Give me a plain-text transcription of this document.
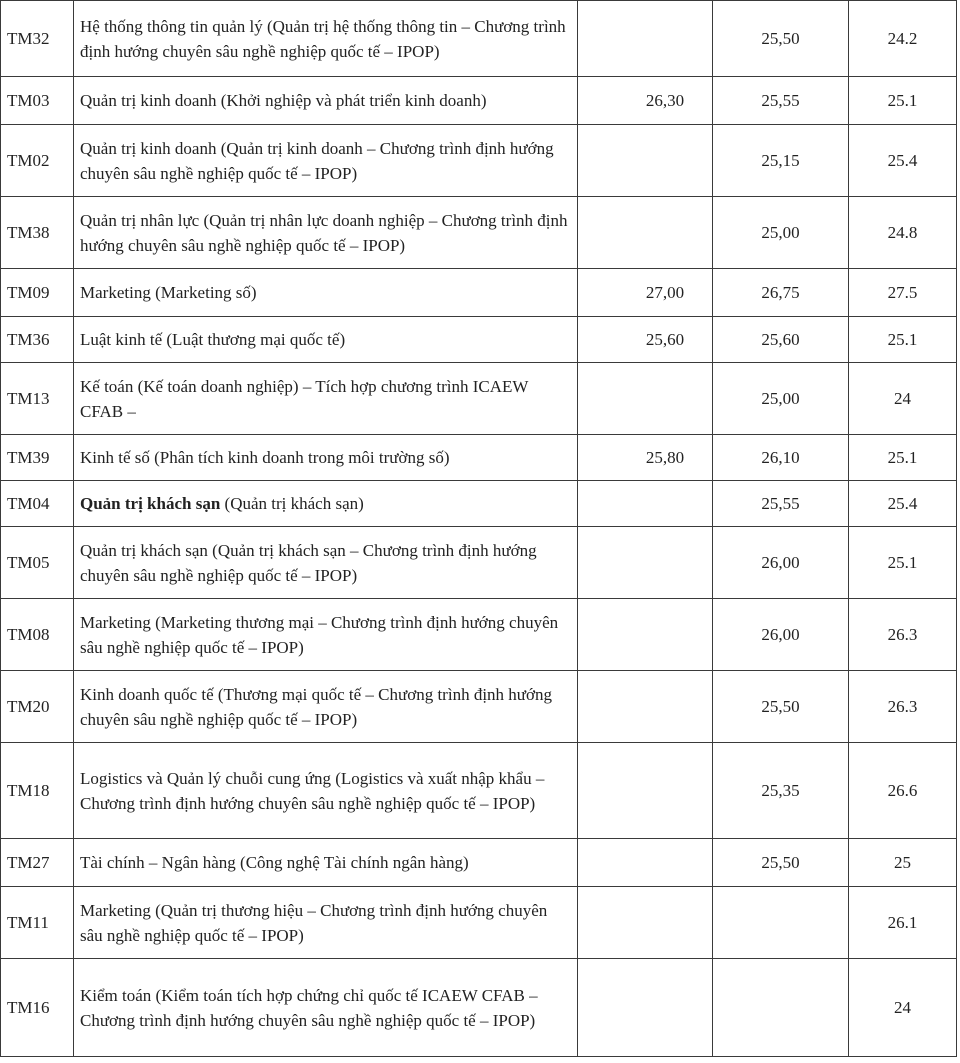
TM32	Hệ thống thông tin quản lý (Quản trị hệ thống thông tin – Chương trình định hướng chuyên sâu nghề nghiệp quốc tế – IPOP)		25,50	24.2
TM03	Quản trị kinh doanh (Khởi nghiệp và phát triển kinh doanh)	26,30	25,55	25.1
TM02	Quản trị kinh doanh (Quản trị kinh doanh – Chương trình định hướng chuyên sâu nghề nghiệp quốc tế – IPOP)		25,15	25.4
TM38	Quản trị nhân lực (Quản trị nhân lực doanh nghiệp – Chương trình định hướng chuyên sâu nghề nghiệp quốc tế – IPOP)		25,00	24.8
TM09	Marketing (Marketing số)	27,00	26,75	27.5
TM36	Luật kinh tế (Luật thương mại quốc tế)	25,60	25,60	25.1
TM13	Kế toán (Kế toán doanh nghiệp) – Tích hợp chương trình ICAEW CFAB –		25,00	24
TM39	Kinh tế số (Phân tích kinh doanh trong môi trường số)	25,80	26,10	25.1
TM04	Quản trị khách sạn (Quản trị khách sạn)		25,55	25.4
TM05	Quản trị khách sạn (Quản trị khách sạn – Chương trình định hướng chuyên sâu nghề nghiệp quốc tế – IPOP)		26,00	25.1
TM08	Marketing (Marketing thương mại – Chương trình định hướng chuyên sâu nghề nghiệp quốc tế – IPOP)		26,00	26.3
TM20	Kinh doanh quốc tế (Thương mại quốc tế – Chương trình định hướng chuyên sâu nghề nghiệp quốc tế – IPOP)		25,50	26.3
TM18	Logistics và Quản lý chuỗi cung ứng (Logistics và xuất nhập khẩu – Chương trình định hướng chuyên sâu nghề nghiệp quốc tế – IPOP)		25,35	26.6
TM27	Tài chính – Ngân hàng (Công nghệ Tài chính ngân hàng)		25,50	25
TM11	Marketing (Quản trị thương hiệu – Chương trình định hướng chuyên sâu nghề nghiệp quốc tế – IPOP)			26.1
TM16	Kiểm toán (Kiểm toán tích hợp chứng chỉ quốc tế ICAEW CFAB – Chương trình định hướng chuyên sâu nghề nghiệp quốc tế – IPOP)			24
